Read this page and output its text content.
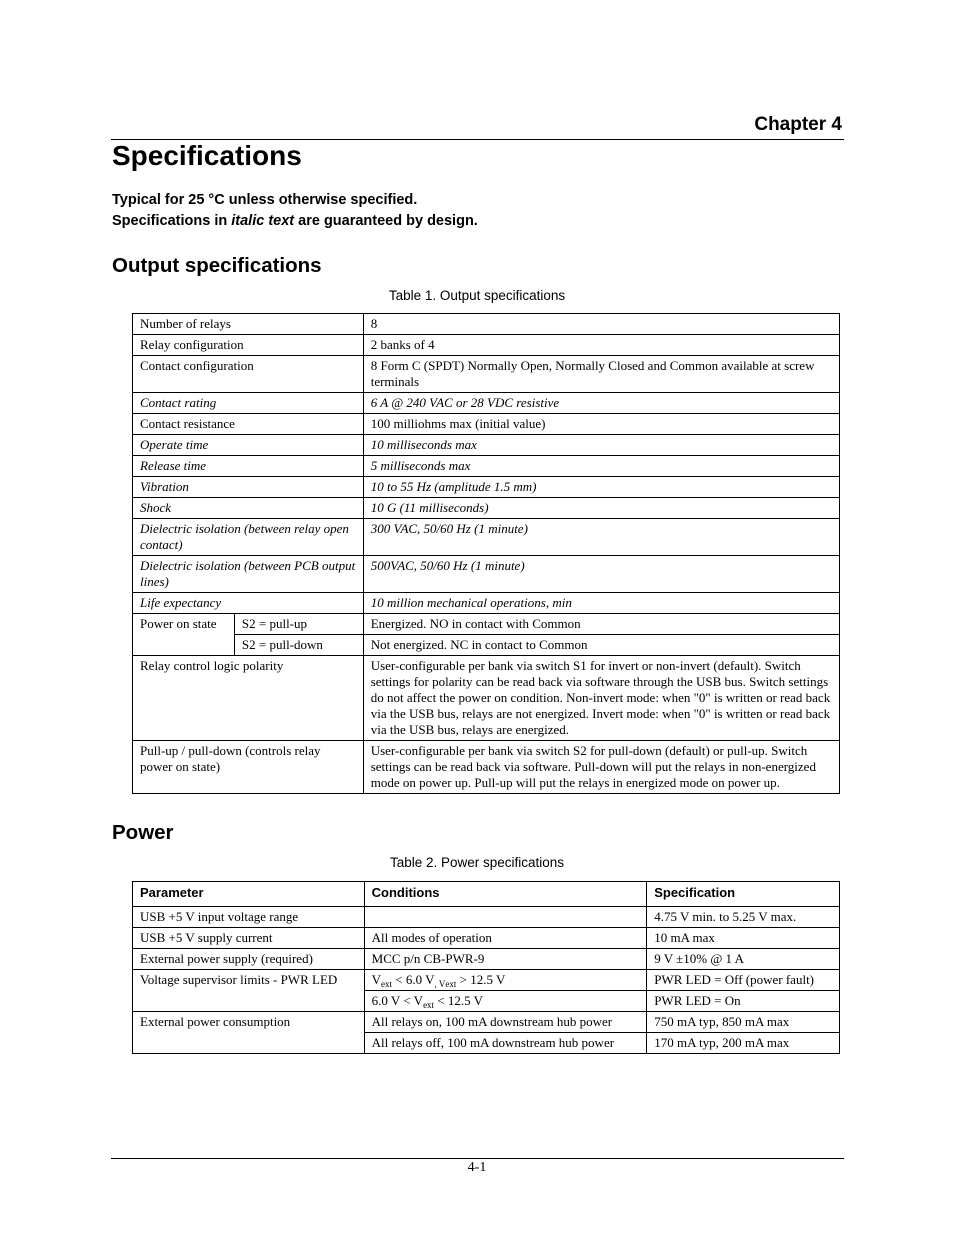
Chapter 4
Specifications
Typical for 25 °C unless otherwise specified.
Specifications in italic text are guaranteed by design.
Output specifications
Table 1. Output specifications
Number of relays		8
Relay configuration		2 banks of 4
Contact configuration		8 Form C (SPDT) Normally Open, Normally Closed and Common available at screw terminals
Contact rating		6 A @ 240 VAC or 28 VDC resistive
Contact resistance		100 milliohms max (initial value)
Operate time		10 milliseconds max
Release time		5 milliseconds max
Vibration		10 to 55 Hz (amplitude 1.5 mm)
Shock		10 G (11 milliseconds)
Dielectric isolation (between relay open contact)		300 VAC, 50/60 Hz (1 minute)
Dielectric isolation (between PCB output lines)		500VAC, 50/60 Hz (1 minute)
Life expectancy		10 million mechanical operations, min
Power on state	S2 = pull-up	Energized. NO in contact with Common
	S2 = pull-down	Not energized. NC in contact to Common
Relay control logic polarity		User-configurable per bank via switch S1 for invert or non-invert (default). Switch settings for polarity can be read back via software through the USB bus. Switch settings do not affect the power on condition. Non-invert mode: when "0" is written or read back via the USB bus, relays are not energized. Invert mode: when "0" is written or read back via the USB bus, relays are energized.
Pull-up / pull-down (controls relay power on state)		User-configurable per bank via switch S2 for pull-down (default) or pull-up. Switch settings can be read back via software. Pull-down will put the relays in non-energized mode on power up. Pull-up will put the relays in energized mode on power up.
Power
Table 2. Power specifications
Parameter	Conditions	Specification
USB +5 V input voltage range		4.75 V min. to 5.25 V max.
USB +5 V supply current	All modes of operation	10 mA max
External power supply (required)	MCC p/n CB-PWR-9	9 V ±10% @ 1 A
Voltage supervisor limits - PWR LED	$V_{ext} < 6.0$ $V_{, Vext} > 12.5$ V	PWR LED = Off (power fault)
	6.0 $V < V_{ext} < 12.5$ V	PWR LED = On
External power consumption	All relays on, 100 mA downstream hub power	750 mA typ, 850 mA max
	All relays off, 100 mA downstream hub power	170 mA typ, 200 mA max
4-1
